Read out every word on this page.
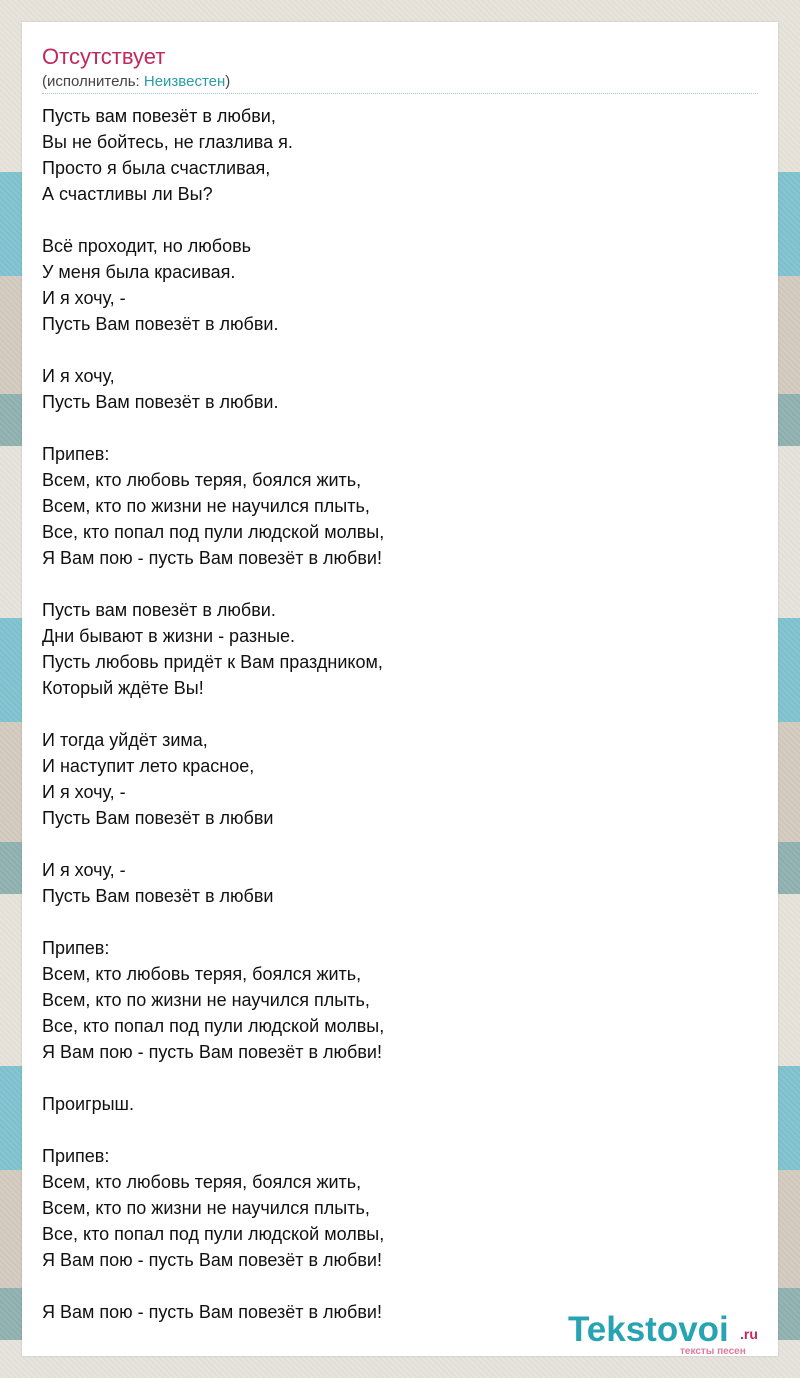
Отсутствует
(исполнитель: Неизвестен)
Пусть вам повезёт в любви,
Вы не бойтесь, не глазлива я.
Просто я была счастливая,
А счастливы ли Вы?
Всё проходит, но любовь
У меня была красивая.
И я хочу, -
Пусть Вам повезёт в любви.
И я хочу,
Пусть Вам повезёт в любви.
Припев:
Всем, кто любовь теряя, боялся жить,
Всем, кто по жизни не научился плыть,
Все, кто попал под пули людской молвы,
Я Вам пою - пусть Вам повезёт в любви!
Пусть вам повезёт в любви.
Дни бывают в жизни - разные.
Пусть любовь придёт к Вам праздником,
Который ждёте Вы!
И тогда уйдёт зима,
И наступит лето красное,
И я хочу, -
Пусть Вам повезёт в любви
И я хочу, -
Пусть Вам повезёт в любви
Припев:
Всем, кто любовь теряя, боялся жить,
Всем, кто по жизни не научился плыть,
Все, кто попал под пули людской молвы,
Я Вам пою - пусть Вам повезёт в любви!
Проигрыш.
Припев:
Всем, кто любовь теряя, боялся жить,
Всем, кто по жизни не научился плыть,
Все, кто попал под пули людской молвы,
Я Вам пою - пусть Вам повезёт в любви!
Я Вам пою - пусть Вам повезёт в любви!	Tekstovoi .ru
тексты песен
